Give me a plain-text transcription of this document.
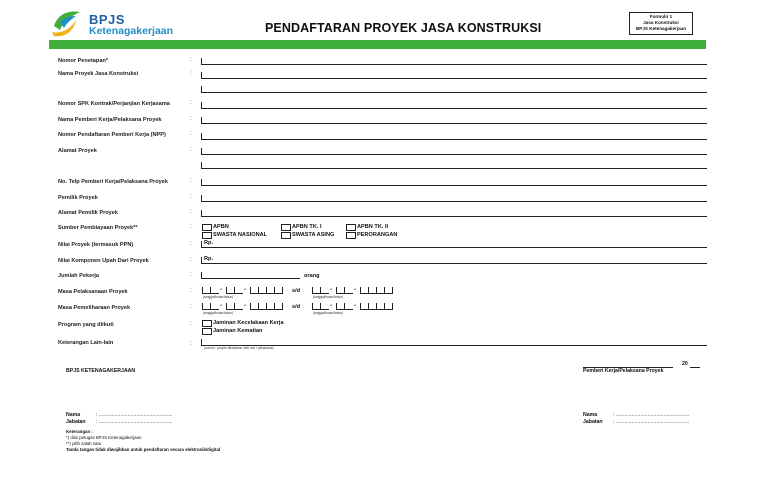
BPJS
Ketenagakerjaan	PENDAFTARAN PROYEK JASA KONSTRUKSI
Formulir 1
Jasa Konstruksi
BPJS Ketenagakerjaan
Nomor Penetapan*	:
Nama Proyek Jasa Konstruksi	:
Nomor SPK Kontrak/Perjanjian Kerjasama	:
Nama Pemberi Kerja/Pelaksana Proyek	:
Nomor Pendaftaran Pemberi Kerja (NPP)	:
Alamat Proyek	:
No. Telp Pemberi Kerja/Pelaksana Proyek	:
Pemilik Proyek	:
Alamat Pemilik Proyek	:
Sumber Pembiayaan Proyek**	:	APBN	APBN TK. I	APBN TK. II
SWASTA NASIONAL	SWASTA ASING	PERORANGAN
Nilai Proyek (termasuk PPN)	: Rp.
Nilai Komponen Upah Dari Proyek	: Rp.
Jumlah Pekerja	:	orang
Masa Pelaksanaan Proyek	:	-	-
(tanggal/bulan/tahun)
s/d	-	-
(tanggal/bulan/tahun)
Masa Pemeliharaan Proyek	:	-	-
(tanggal/bulan/tahun)
s/d	-	-
(tanggal/bulan/tahun)
Program yang diikuti	:	Jaminan Kecelakaan Kerja
Jaminan Kematian
Keterangan Lain-lain	:
(contoh : proyek dikerjakan oleh sub / pelaksana)
BPJS KETENAGAKERJAAN	Pemberi Kerja/Pelaksana Proyek
20
Nama	: ...................................................
Jabatan : ...................................................
Nama	: ...................................................
Jabatan : ...................................................
Keterangan :
*) diisi petugas BPJS Ketenagakerjaan
**) pilih salah satu
Tanda tangan tidak diwajibkan untuk pendaftaran secara elektronik/digital
